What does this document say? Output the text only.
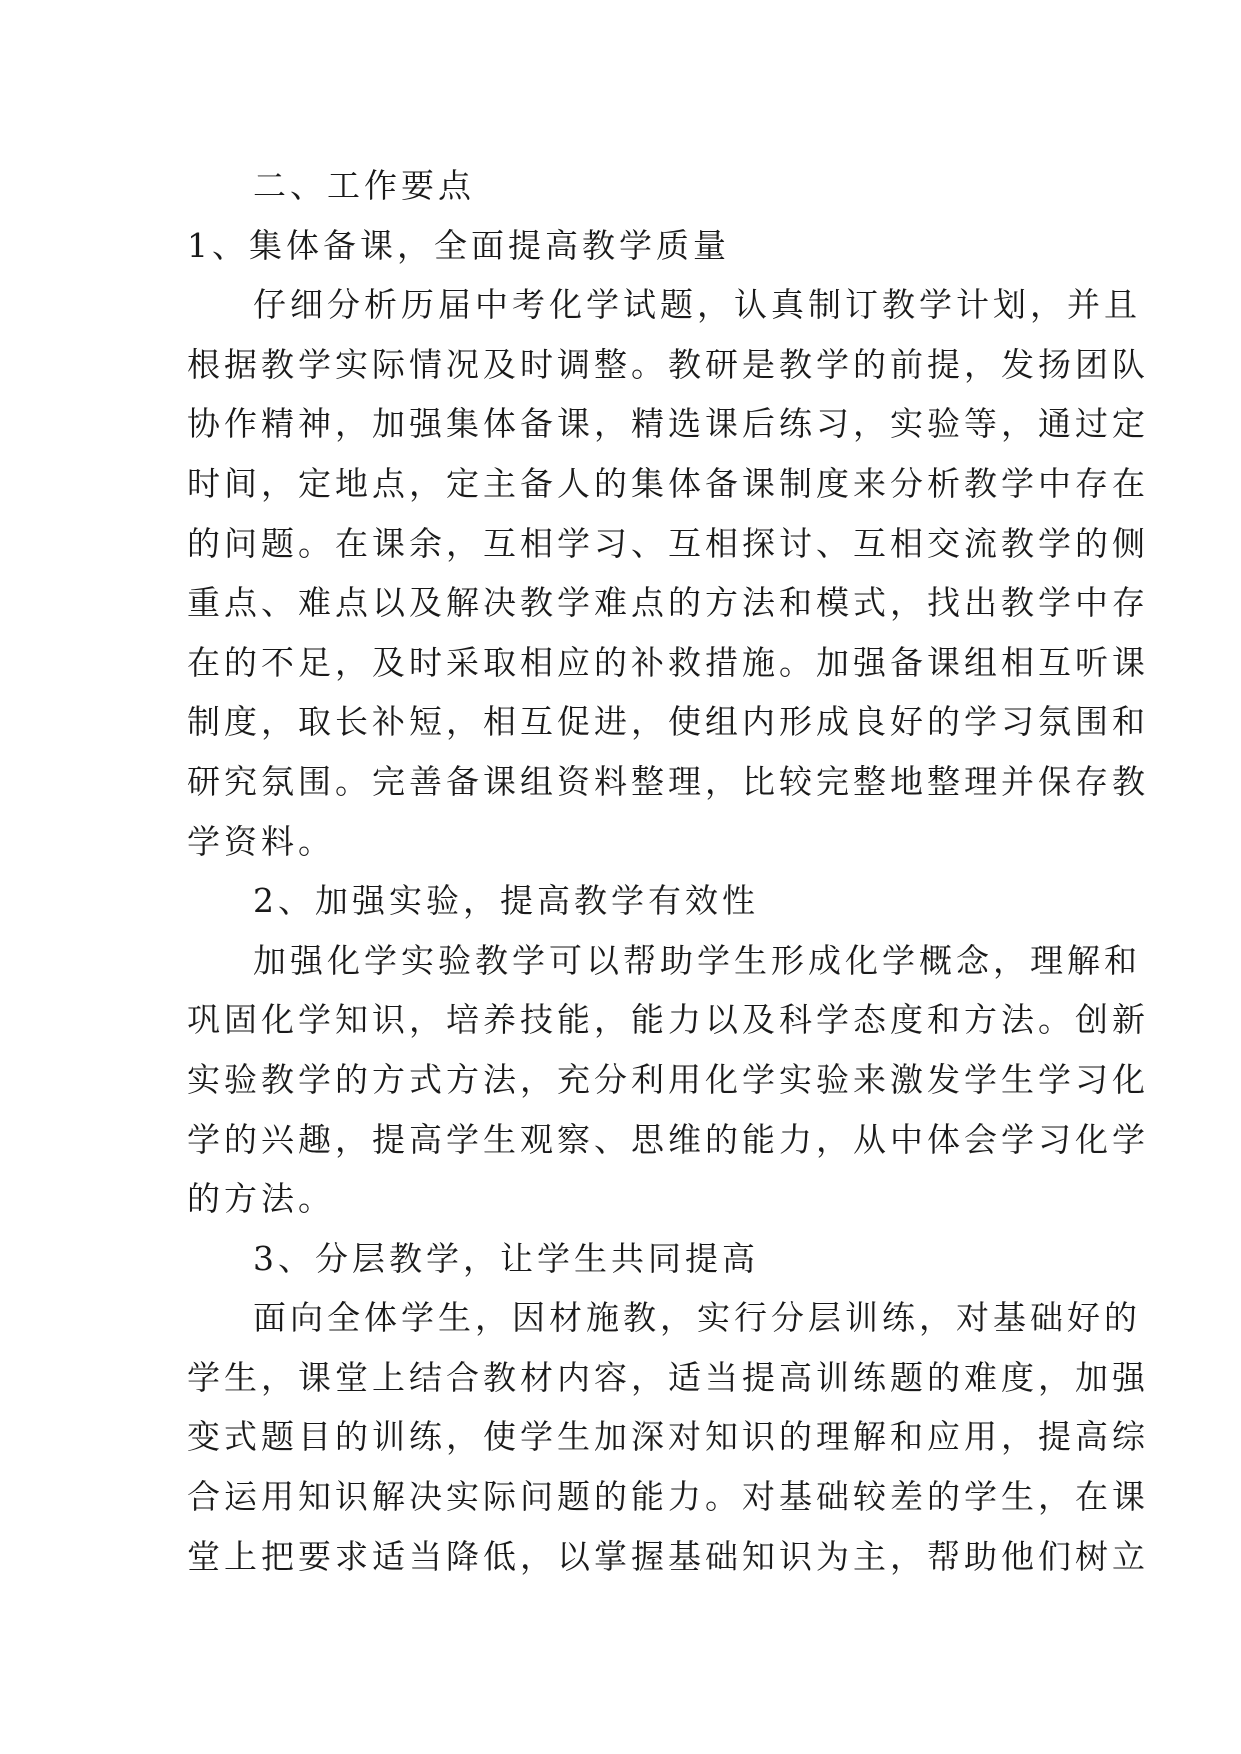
二、工作要点
1、集体备课，全面提高教学质量
仔细分析历届中考化学试题，认真制订教学计划，并且
根据教学实际情况及时调整。教研是教学的前提，发扬团队
协作精神，加强集体备课，精选课后练习，实验等，通过定
时间，定地点，定主备人的集体备课制度来分析教学中存在
的问题。在课余，互相学习、互相探讨、互相交流教学的侧
重点、难点以及解决教学难点的方法和模式，找出教学中存
在的不足，及时采取相应的补救措施。加强备课组相互听课
制度，取长补短，相互促进，使组内形成良好的学习氛围和
研究氛围。完善备课组资料整理，比较完整地整理并保存教
学资料。
2、加强实验，提高教学有效性
加强化学实验教学可以帮助学生形成化学概念，理解和
巩固化学知识，培养技能，能力以及科学态度和方法。创新
实验教学的方式方法，充分利用化学实验来激发学生学习化
学的兴趣，提高学生观察、思维的能力，从中体会学习化学
的方法。
3、分层教学，让学生共同提高
面向全体学生，因材施教，实行分层训练，对基础好的
学生，课堂上结合教材内容，适当提高训练题的难度，加强
变式题目的训练，使学生加深对知识的理解和应用，提高综
合运用知识解决实际问题的能力。对基础较差的学生，在课
堂上把要求适当降低，以掌握基础知识为主，帮助他们树立
